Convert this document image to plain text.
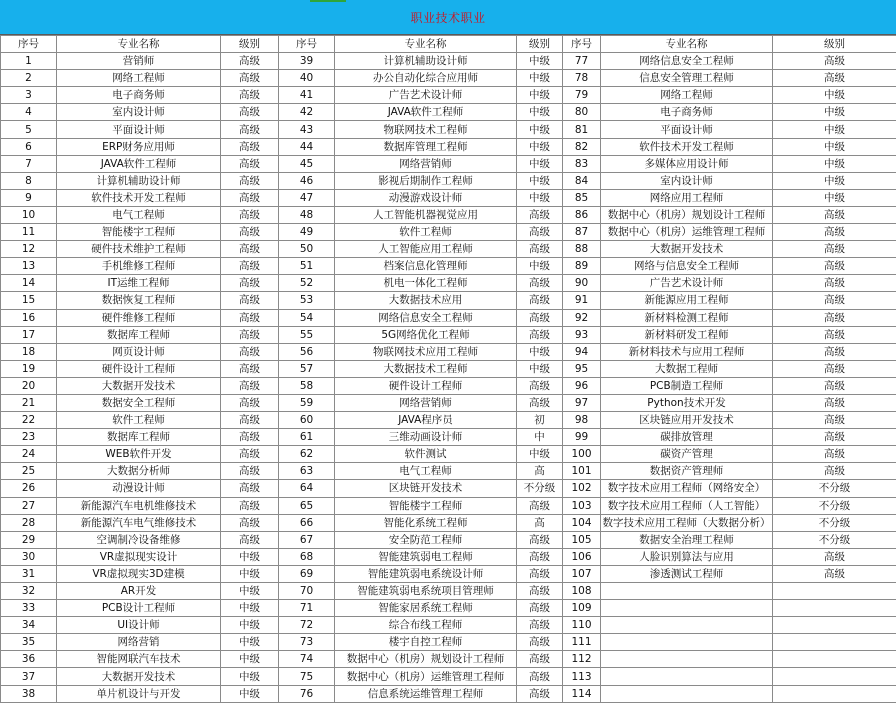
职业技术职业
序号	专业名称	级别	序号	专业名称	级别	序号	专业名称	级别
1	营销师	高级	39	计算机辅助设计师	中级	77	网络信息安全工程师	高级
2	网络工程师	高级	40	办公自动化综合应用师	中级	78	信息安全管理工程师	高级
3	电子商务师	高级	41	广告艺术设计师	中级	79	网络工程师	中级
4	室内设计师	高级	42	JAVA软件工程师	中级	80	电子商务师	中级
5	平面设计师	高级	43	物联网技术工程师	中级	81	平面设计师	中级
6	ERP财务应用师	高级	44	数据库管理工程师	中级	82	软件技术开发工程师	中级
7	JAVA软件工程师	高级	45	网络营销师	中级	83	多媒体应用设计师	中级
8	计算机辅助设计师	高级	46	影视后期制作工程师	中级	84	室内设计师	中级
9	软件技术开发工程师	高级	47	动漫游戏设计师	中级	85	网络应用工程师	中级
10	电气工程师	高级	48	人工智能机器视觉应用	高级	86	数据中心（机房）规划设计工程师	高级
11	智能楼宇工程师	高级	49	软件工程师	高级	87	数据中心（机房）运维管理工程师	高级
12	硬件技术维护工程师	高级	50	人工智能应用工程师	高级	88	大数据开发技术	高级
13	手机维修工程师	高级	51	档案信息化管理师	中级	89	网络与信息安全工程师	高级
14	IT运维工程师	高级	52	机电一体化工程师	高级	90	广告艺术设计师	高级
15	数据恢复工程师	高级	53	大数据技术应用	高级	91	新能源应用工程师	高级
16	硬件维修工程师	高级	54	网络信息安全工程师	高级	92	新材料检测工程师	高级
17	数据库工程师	高级	55	5G网络优化工程师	高级	93	新材料研发工程师	高级
18	网页设计师	高级	56	物联网技术应用工程师	中级	94	新材料技术与应用工程师	高级
19	硬件设计工程师	高级	57	大数据技术工程师	中级	95	大数据工程师	高级
20	大数据开发技术	高级	58	硬件设计工程师	高级	96	PCB制造工程师	高级
21	数据安全工程师	高级	59	网络营销师	高级	97	Python技术开发	高级
22	软件工程师	高级	60	JAVA程序员	初	98	区块链应用开发技术	高级
23	数据库工程师	高级	61	三维动画设计师	中	99	碳排放管理	高级
24	WEB软件开发	高级	62	软件测试	中级	100	碳资产管理	高级
25	大数据分析师	高级	63	电气工程师	高	101	数据资产管理师	高级
26	动漫设计师	高级	64	区块链开发技术	不分级	102	数字技术应用工程师（网络安全）	不分级
27	新能源汽车电机维修技术	高级	65	智能楼宇工程师	高级	103	数字技术应用工程师（人工智能）	不分级
28	新能源汽车电气维修技术	高级	66	智能化系统工程师	高	104	数字技术应用工程师（大数据分析）	不分级
29	空调制冷设备维修	高级	67	安全防范工程师	高级	105	数据安全治理工程师	不分级
30	VR虚拟现实设计	中级	68	智能建筑弱电工程师	高级	106	人脸识别算法与应用	高级
31	VR虚拟现实3D建模	中级	69	智能建筑弱电系统设计师	高级	107	渗透测试工程师	高级
32	AR开发	中级	70	智能建筑弱电系统项目管理师	高级	108		
33	PCB设计工程师	中级	71	智能家居系统工程师	高级	109		
34	UI设计师	中级	72	综合布线工程师	高级	110		
35	网络营销	中级	73	楼宇自控工程师	高级	111		
36	智能网联汽车技术	中级	74	数据中心（机房）规划设计工程师	高级	112		
37	大数据开发技术	中级	75	数据中心（机房）运维管理工程师	高级	113		
38	单片机设计与开发	中级	76	信息系统运维管理工程师	高级	114		
